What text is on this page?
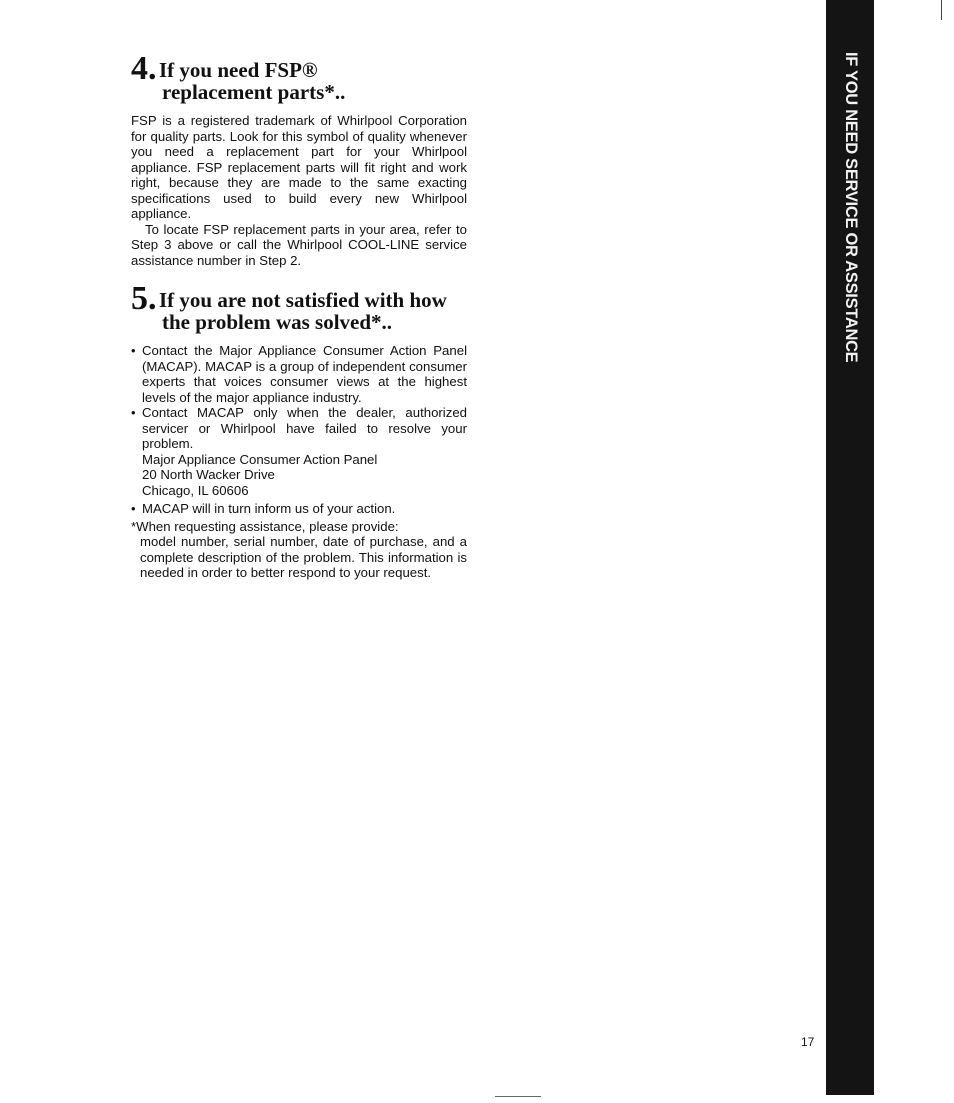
4. If you need FSP®
replacement parts*..

FSP is a registered trademark of Whirlpool Corporation for quality parts. Look for this symbol of quality whenever you need a replacement part for your Whirlpool appliance. FSP replacement parts will fit right and work right, because they are made to the same exacting specifications used to build every new Whirlpool appliance.

To locate FSP replacement parts in your area, refer to Step 3 above or call the Whirlpool COOL-LINE service assistance number in Step 2.

5. If you are not satisfied with how
the problem was solved*..
• Contact the Major Appliance Consumer Action Panel (MACAP). MACAP is a group of independent consumer experts that voices consumer views at the highest levels of the major appliance industry.

• Contact MACAP only when the dealer, authorized servicer or Whirlpool have failed to resolve your problem.

Major Appliance Consumer Action Panel
20 North Wacker Drive
Chicago, IL 60606
• MACAP will in turn inform us of your action.

*When requesting assistance, please provide:

model number, serial number, date of purchase, and a complete description of the problem. This information is needed in order to better respond to your request.

IF YOU NEED SERVICE OR ASSISTANCE
17
